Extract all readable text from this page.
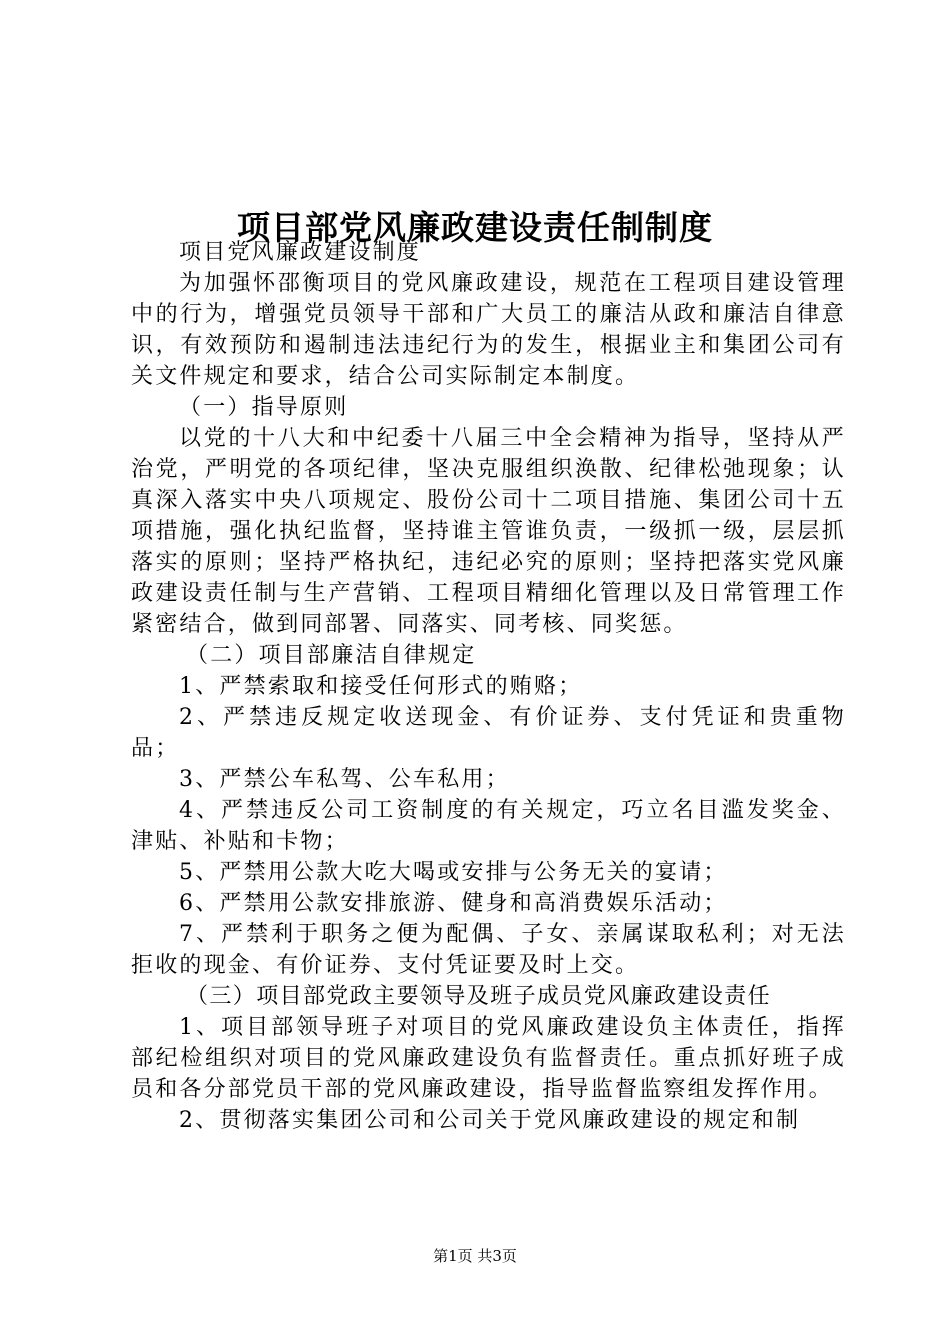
项目部党风廉政建设责任制制度

项目党风廉政建设制度

为加强怀邵衡项目的党风廉政建设，规范在工程项目建设管理中的行为，增强党员领导干部和广大员工的廉洁从政和廉洁自律意识，有效预防和遏制违法违纪行为的发生，根据业主和集团公司有关文件规定和要求，结合公司实际制定本制度。

（一）指导原则

以党的十八大和中纪委十八届三中全会精神为指导，坚持从严治党，严明党的各项纪律，坚决克服组织涣散、纪律松弛现象；认真深入落实中央八项规定、股份公司十二项目措施、集团公司十五项措施，强化执纪监督，坚持谁主管谁负责，一级抓一级，层层抓落实的原则；坚持严格执纪，违纪必究的原则；坚持把落实党风廉政建设责任制与生产营销、工程项目精细化管理以及日常管理工作紧密结合，做到同部署、同落实、同考核、同奖惩。

（二）项目部廉洁自律规定

1、严禁索取和接受任何形式的贿赂；

2、严禁违反规定收送现金、有价证券、支付凭证和贵重物品；

3、严禁公车私驾、公车私用；

4、严禁违反公司工资制度的有关规定，巧立名目滥发奖金、津贴、补贴和卡物；

5、严禁用公款大吃大喝或安排与公务无关的宴请；

6、严禁用公款安排旅游、健身和高消费娱乐活动；

7、严禁利于职务之便为配偶、子女、亲属谋取私利；对无法拒收的现金、有价证券、支付凭证要及时上交。

（三）项目部党政主要领导及班子成员党风廉政建设责任

1、项目部领导班子对项目的党风廉政建设负主体责任，指挥部纪检组织对项目的党风廉政建设负有监督责任。重点抓好班子成员和各分部党员干部的党风廉政建设，指导监督监察组发挥作用。

2、贯彻落实集团公司和公司关于党风廉政建设的规定和制

第1页 共3页
